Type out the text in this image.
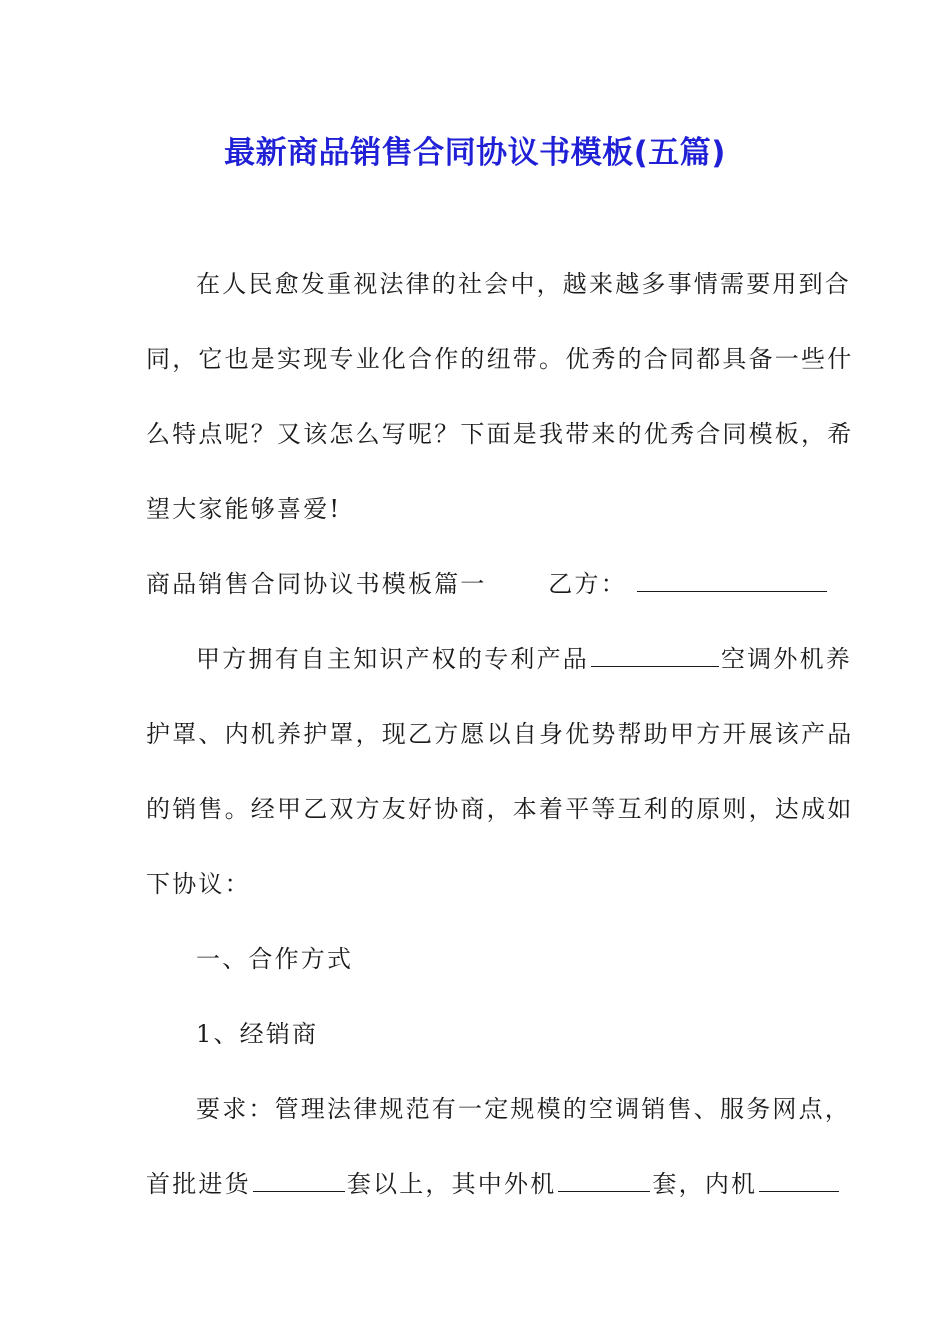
最新商品销售合同协议书模板(五篇)
在人民愈发重视法律的社会中，越来越多事情需要用到合
同，它也是实现专业化合作的纽带。优秀的合同都具备一些什
么特点呢？又该怎么写呢？下面是我带来的优秀合同模板，希
望大家能够喜爱!
商品销售合同协议书模板篇一	乙方：
甲方拥有自主知识产权的专利产品	空调外机养
护罩、内机养护罩，现乙方愿以自身优势帮助甲方开展该产品
的销售。经甲乙双方友好协商，本着平等互利的原则，达成如
下协议：
一、合作方式
1、经销商
要求：管理法律规范有一定规模的空调销售、服务网点，
首批进货	套以上，其中外机	套，内机
